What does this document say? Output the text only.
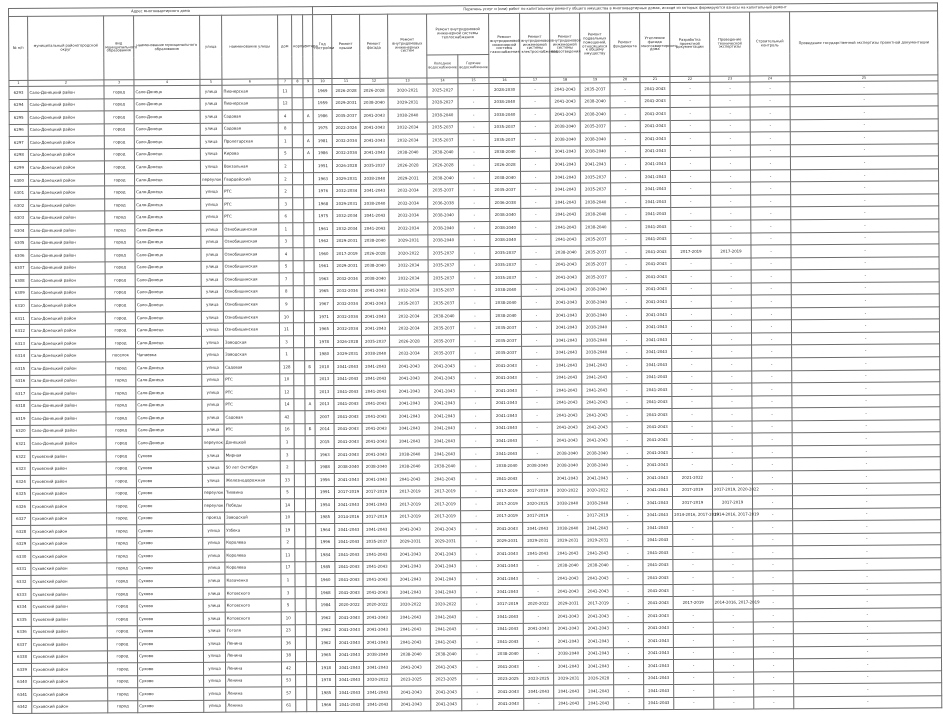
Адрес многоквартирного дома									Перечень услуг и (или) работ по капитальному ремонту общего имущества в многоквартирных домах, исходя из которых формируются взносы на капитальный ремонт															
№ п/п	муниципальный район/городской округ	вид муниципального образования	наименование муниципального образования	улица	наименование улицы	дом	корпус	литера	Год постройки	Ремонт крыши	Ремонт фасада	Ремонт внутридомовых инженерных систем	Ремонт внутридомовой инженерной системы теплоснабжения		Ремонт внутридомовой инженерной системы газоснабжения	Ремонт внутридомовой инженерной системы электроснабжения	Ремонт внутридомовой инженерной системы водоотведения	Ремонт подвальных помещений, относящихся к общему имуществу	Ремонт фундамента	Утепление фасада многоквартирного дома	Разработка проектной документации	Проведение технической экспертизы	Строительный контроль	Проведение государственной экспертизы проектной документации
													Холодное водоснабжение	Горячее водоснабжение										
1	2	3	4	5	6	7	8	9	10	11	12	13	14	15	16	17	18	19	20	21	22	23	24	25
6293	Сало-Донецкий район	город	Сало-Донецк	улица	Пионерская	11			1969	2026-2028	2026-2028	2020-2021	2025-2027	-	2028-2030	-	2041-2043	2035-2037	-	2041-2043	-	-	-	-
6294	Сало-Донецкий район	город	Сало-Донецк	улица	Пионерская	12			1959	2029-2031	2038-2040	2029-2031	2028-2027	-	2038-2040	-	2041-2043	2038-2040	-	2041-2043	-	-	-	-
6295	Сало-Донецкий район	город	Сало-Донецк	улица	Садовая	4		А	1986	2035-2037	2041-2043	2038-2040	2038-2040	-	2038-2040	-	2041-2043	2038-2040	-	2041-2043	-	-	-	-
6296	Сало-Донецкий район	город	Сало-Донецк	улица	Садовая	8			1975	2022-2024	2041-2043	2032-2034	2035-2037	-	2035-2037	-	2038-2040	2035-2037	-	2041-2043	-	-	-	-
6297	Сало-Донецкий район	город	Сало-Донецк	улица	Пролетарская	1		А	1981	2032-2034	2041-2043	2032-2034	2035-2037	-	2035-2037	-	2038-2040	2038-2040	-	2041-2043	-	-	-	-
6298	Сало-Донецкий район	город	Сало-Донецк	улица	Кирова	5		А	1986	2032-2034	2041-2043	2038-2040	2038-2040	-	2038-2040	-	2041-2043	2038-2040	-	2041-2043	-	-	-	-
6299	Сало-Донецкий район	город	Сало-Донецк	улица	Вокзальная	2			1951	2026-2028	2035-2037	2026-2028	2026-2028	-	2026-2028	-	2041-2043	2041-2043	-	2041-2043	-	-	-	-
6300	Сало-Донецкий район	город	Сало-Донецк	переулок	Гвардейский	2			1963	2029-2031	2038-2040	2029-2031	2038-2040	-	2038-2040	-	2041-2043	2035-2037	-	2041-2043	-	-	-	-
6301	Сало-Донецкий район	город	Сало-Донецк	улица	РТС	2			1976	2032-2034	2041-2043	2032-2034	2035-2037	-	2035-2037	-	2041-2043	2035-2037	-	2041-2043	-	-	-	-
6302	Сало-Донецкий район	город	Сало-Донецк	улица	РТС	3			1968	2029-2031	2038-2040	2032-2034	2036-2038	-	2036-2038	-	2041-2043	2038-2040	-	2041-2043	-	-	-	-
6303	Сало-Донецкий район	город	Сало-Донецк	улица	РТС	6			1975	2032-2034	2041-2043	2032-2034	2038-2040	-	2038-2040	-	2041-2043	2038-2040	-	2041-2043	-	-	-	-
6304	Сало-Донецкий район	город	Сало-Донецк	улица	Ознобишинская	1			1961	2032-2034	2041-2043	2032-2034	2038-2040	-	2038-2040	-	2041-2043	2038-2040	-	2041-2043	-	-	-	-
6305	Сало-Донецкий район	город	Сало-Донецк	улица	Ознобишинская	3			1962	2029-2031	2038-2040	2029-2031	2038-2040	-	2038-2040	-	2041-2043	2035-2037	-	2041-2043	-	-	-	-
6306	Сало-Донецкий район	город	Сало-Донецк	улица	Ознобишинская	4			1960	2017-2019	2026-2028	2020-2022	2035-2037	-	2035-2037	-	2038-2040	2035-2037	-	2041-2043	2017-2019	2017-2019	-	-
6307	Сало-Донецкий район	город	Сало-Донецк	улица	Ознобишинская	5			1961	2029-2031	2038-2040	2032-2034	2035-2037	-	2035-2037	-	2041-2043	2035-2037	-	2041-2043	-	-	-	-
6308	Сало-Донецкий район	город	Сало-Донецк	улица	Ознобишинская	7			1963	2032-2034	2038-2040	2032-2034	2035-2037	-	2035-2037	-	2041-2043	2035-2037	-	2041-2043	-	-	-	-
6309	Сало-Донецкий район	город	Сало-Донецк	улица	Ознобишинская	8			1965	2032-2034	2041-2043	2032-2034	2035-2037	-	2038-2040	-	2041-2043	2038-2040	-	2041-2043	-	-	-	-
6310	Сало-Донецкий район	город	Сало-Донецк	улица	Ознобишинская	9			1967	2032-2034	2041-2043	2035-2037	2035-2037	-	2038-2040	-	2041-2043	2038-2040	-	2041-2043	-	-	-	-
6311	Сало-Донецкий район	город	Сало-Донецк	улица	Ознобишинская	10			1971	2032-2034	2041-2043	2032-2034	2038-2040	-	2038-2040	-	2041-2043	2038-2040	-	2041-2043	-	-	-	-
6312	Сало-Донецкий район	город	Сало-Донецк	улица	Ознобишинская	11			1965	2032-2034	2041-2043	2032-2034	2035-2037	-	2035-2037	-	2041-2043	2038-2040	-	2041-2043	-	-	-	-
6313	Сало-Донецкий район	город	Сало-Донецк	улица	Заводская	3			1978	2026-2028	2035-2037	2026-2028	2035-2037	-	2035-2037	-	2041-2043	2038-2040	-	2041-2043	-	-	-	-
6314	Сало-Донецкий район	поселок	Чапаевка	улица	Заводская	1			1980	2029-2031	2038-2040	2032-2034	2035-2037	-	2035-2037	-	2041-2043	2038-2040	-	2041-2043	-	-	-	-
6315	Сало-Донецкий район	город	Сало-Донецк	улица	Садовая	128		Б	2010	2041-2043	2041-2043	2041-2043	2041-2043	-	2041-2043	-	2041-2043	2041-2043	-	2041-2043	-	-	-	-
6316	Сало-Донецкий район	город	Сало-Донецк	улица	РТС	10			2013	2041-2043	2041-2043	2041-2043	2041-2043	-	2041-2043	-	2041-2043	2041-2043	-	2041-2043	-	-	-	-
6317	Сало-Донецкий район	город	Сало-Донецк	улица	РТС	12			2013	2041-2043	2041-2043	2041-2043	2041-2043	-	2041-2043	-	2041-2043	2041-2043	-	2041-2043	-	-	-	-
6318	Сало-Донецкий район	город	Сало-Донецк	улица	РТС	14		А	2013	2041-2043	2041-2043	2041-2043	2041-2043	-	2041-2043	-	2041-2043	2041-2043	-	2041-2043	-	-	-	-
6319	Сало-Донецкий район	город	Сало-Донецк	улица	Садовая	42			2007	2041-2043	2041-2043	2041-2043	2041-2043	-	2041-2043	-	2041-2043	2041-2043	-	2041-2043	-	-	-	-
6320	Сало-Донецкий район	город	Сало-Донецк	улица	РТС	16		Б	2014	2041-2043	2041-2043	2041-2043	2041-2043	-	2041-2043	-	2041-2043	2041-2043	-	2041-2043	-	-	-	-
6321	Сало-Донецкий район	город	Сало-Донецк	переулок	Донецкой	1			2015	2041-2043	2041-2043	2041-2043	2041-2043	-	2041-2043	-	2041-2043	2041-2043	-	2041-2043	-	-	-	-
6322	Суховский район	город	Сухово	улица	Мирная	3			1963	2041-2043	2041-2043	2038-2040	2041-2043	-	2041-2043	-	2038-2040	2038-2040	-	2041-2043	-	-	-	-
6323	Суховский район	город	Сухово	улица	50 лет Октября	2			1988	2038-2040	2038-2040	2038-2040	2038-2040	-	2038-2040	2038-2040	2038-2040	2038-2040	-	2041-2043	-	-	-	-
6324	Суховский район	город	Сухово	улица	Железнодорожная	33			1956	2041-2043	2041-2043	2041-2043	2041-2043	-	2041-2043	-	2041-2043	2041-2043	-	2041-2043	2021-2022	-	-	-
6325	Суховский район	город	Сухово	переулок	Тихвина	5			1991	2017-2019	2017-2019	2017-2019	2017-2019	-	2017-2019	2017-2019	2020-2022	2020-2022	-	2041-2043	2017-2019	2017-2019, 2020-2022	-	-
6326	Суховский район	город	Сухово	переулок	Победы	14			1954	2041-2043	2041-2043	2017-2019	2017-2019	-	2017-2019	2020-2025	2038-2040	2038-2040	-	2041-2043	2017-2019	2017-2019	-	-
6327	Суховский район	город	Сухово	проезд	Заводской	10			1985	2014-2016	2017-2019	2017-2019	2017-2019	-	2017-2019	2017-2019	-	2017-2019	-	2041-2043	2014-2016, 2017-2019	2014-2016, 2017-2019	-	-
6328	Суховский район	город	Сухово	улица	Узбека	19			1964	2041-2043	2041-2043	2041-2043	2041-2043	-	2041-2043	2041-2043	2038-2040	2041-2043	-	2041-2043	-	-	-	-
6329	Суховский район	город	Сухово	улица	Королева	2			1996	2041-2043	2035-2037	2029-2031	2029-2031	-	2029-2031	2029-2031	2029-2031	2029-2031	-	2041-2043	-	-	-	-
6330	Суховский район	город	Сухово	улица	Королева	11			1984	2041-2043	2041-2043	2041-2043	2041-2043	-	2041-2043	2041-2043	2041-2043	2041-2043	-	2041-2043	-	-	-	-
6331	Суховский район	город	Сухово	улица	Королева	17			1985	2041-2043	2041-2043	2041-2043	2041-2043	-	2041-2043	-	2038-2040	2038-2040	-	2041-2043	-	-	-	-
6332	Суховский район	город	Сухово	улица	Казаченко	1			1960	2041-2043	2041-2043	2041-2043	2041-2043	-	2041-2043	-	2041-2043	2041-2043	-	2041-2043	-	-	-	-
6333	Суховский район	город	Сухово	улица	Котовского	3			1968	2041-2043	2041-2043	2041-2043	2041-2043	-	2041-2043	-	2041-2043	2041-2043	-	2041-2043	-	-	-	-
6334	Суховский район	город	Сухово	улица	Котовского	5			1984	2020-2022	2020-2022	2020-2022	2020-2022	-	2017-2019	2020-2022	2029-2031	2017-2019	-	2041-2043	2017-2019	2014-2016, 2017-2019	-	-
6335	Суховский район	город	Сухово	улица	Котовского	10			1962	2041-2043	2041-2043	2041-2043	2041-2043	-	2041-2043	-	2041-2043	2041-2043	-	2041-2043	-	-	-	-
6336	Суховский район	город	Сухово	улица	Гоголя	23			1962	2041-2043	2041-2043	2041-2043	2041-2043	-	2041-2043	2041-2043	2041-2043	2041-2043	-	2041-2043	-	-	-	-
6337	Суховский район	город	Сухово	улица	Ленина	36			1962	2041-2043	2041-2043	2041-2043	2041-2043	-	2041-2043	-	2041-2043	2041-2043	-	2041-2043	-	-	-	-
6338	Суховский район	город	Сухово	улица	Ленина	38			1965	2041-2043	2038-2040	2038-2040	2038-2040	-	2038-2040	-	2038-2040	2041-2043	-	2041-2043	-	-	-	-
6339	Суховский район	город	Сухово	улица	Ленина	42			1918	2041-2043	2041-2043	2041-2043	2041-2043	-	2041-2043	-	2041-2043	2041-2043	-	2041-2043	-	-	-	-
6340	Суховский район	город	Сухово	улица	Ленина	53			1978	2041-2043	2020-2022	2023-2025	2023-2025	-	2023-2025	2023-2025	2029-2031	2026-2028	-	2041-2043	-	-	-	-
6341	Суховский район	город	Сухово	улица	Ленина	57			1985	2041-2043	2041-2043	2041-2043	2041-2043	-	2041-2043	2041-2043	2041-2043	2041-2043	-	2041-2043	-	-	-	-
6342	Суховский район	город	Сухово	улица	Ленина	61			1966	2041-2043	2041-2043	2041-2043	2041-2043	-	2041-2043	-	2041-2043	2041-2043	-	2041-2043	-	-	-	-
